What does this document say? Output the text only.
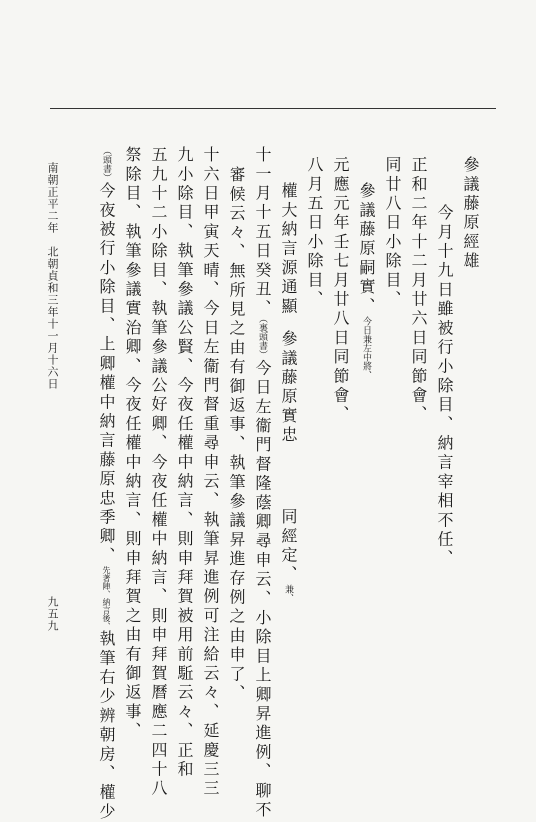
參議藤原經雄
今月十九日雖被行小除目、納言宰相不任、
正和二年十二月廿六日同節會、
同廿八日小除目、
參議藤原嗣實、今日兼左中將、
元應元年壬七月廿八日同節會、
八月五日小除目、
權大納言源通顯
參議藤原實忠
同經定、兼、
十一月十五日癸丑、（裏頭書）今日左衞門督隆蔭卿尋申云、小除目上卿昇進例、聊不
審候云々、無所見之由有御返事、執筆參議昇進存例之由申了、
十六日甲寅天晴、今日左衞門督重尋申云、執筆昇進例可注給云々、延慶三三
九小除目、執筆參議公賢、今夜任權中納言、則申拜賀被用前駈云々、正和
五九十二小除目、執筆參議公好卿、今夜任權中納言、則申拜賀曆應二四十八
祭除目、執筆參議實治卿、今夜任權中納言、則申拜賀之由有御返事、
（頭書）今夜被行小除目、上卿權中納言藤原忠季卿、先著陣、納言後、執筆右少辨朝房、權少
南朝正平二年　北朝貞和三年十一月十六日
九五九
